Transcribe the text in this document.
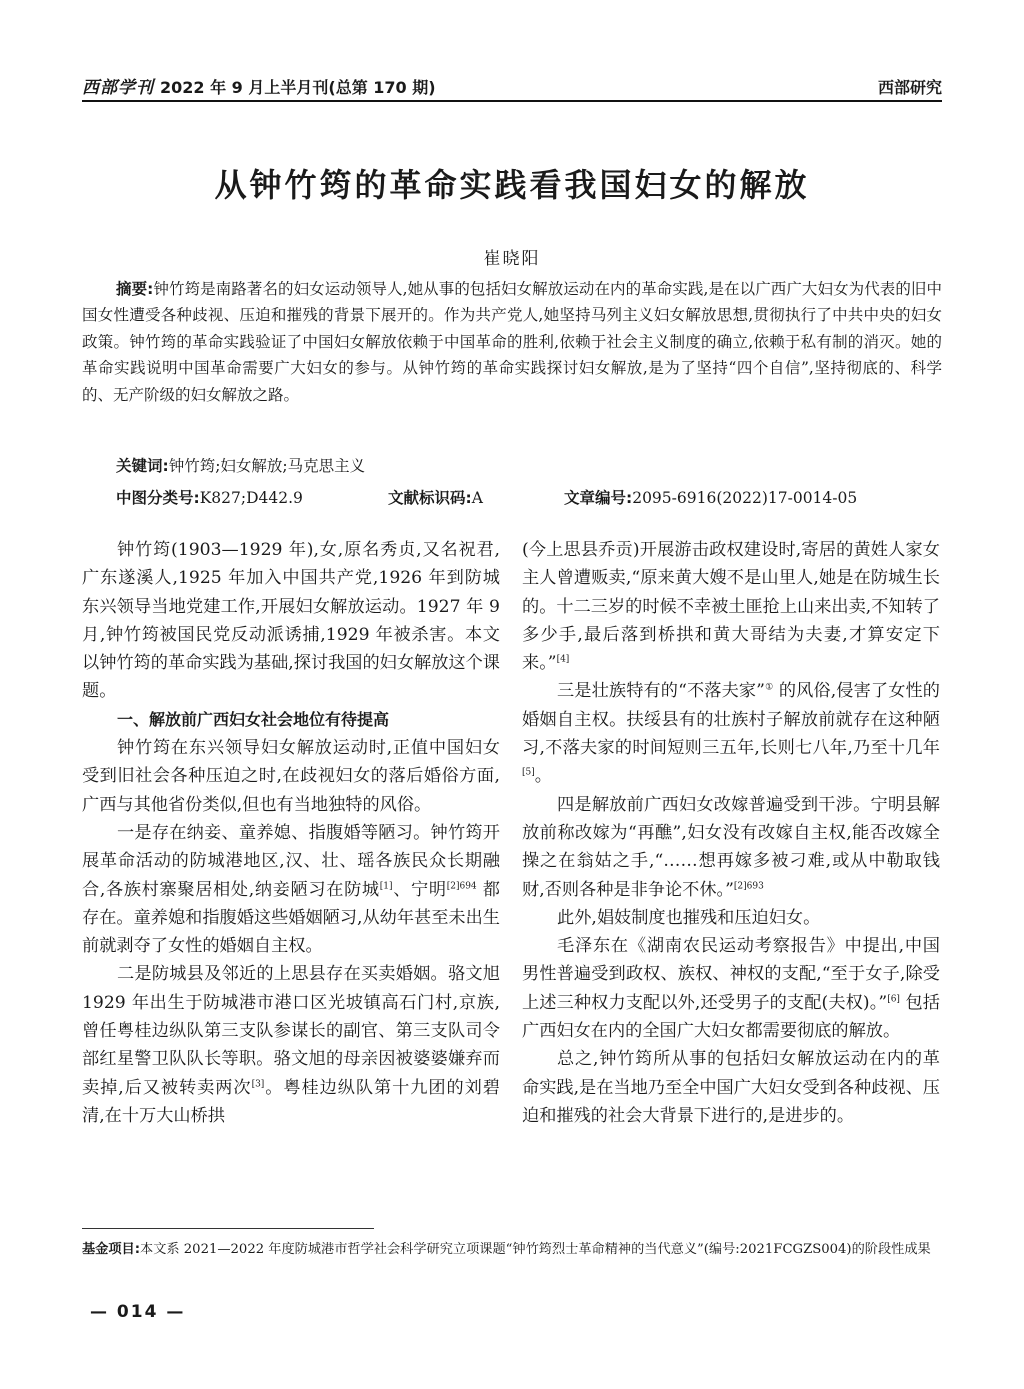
西部学刊 2022 年 9 月上半月刊(总第 170 期)	西部研究
从钟竹筠的革命实践看我国妇女的解放
崔晓阳
摘要:钟竹筠是南路著名的妇女运动领导人,她从事的包括妇女解放运动在内的革命实践,是在以广西广大妇女为代表的旧中国女性遭受各种歧视、压迫和摧残的背景下展开的。作为共产党人,她坚持马列主义妇女解放思想,贯彻执行了中共中央的妇女政策。钟竹筠的革命实践验证了中国妇女解放依赖于中国革命的胜利,依赖于社会主义制度的确立,依赖于私有制的消灭。她的革命实践说明中国革命需要广大妇女的参与。从钟竹筠的革命实践探讨妇女解放,是为了坚持“四个自信”,坚持彻底的、科学的、无产阶级的妇女解放之路。
关键词:钟竹筠;妇女解放;马克思主义
中图分类号:K827;D442.9	文献标识码:A	文章编号:2095-6916(2022)17-0014-05

钟竹筠(1903—1929 年),女,原名秀贞,又名祝君,广东遂溪人,1925 年加入中国共产党,1926 年到防城东兴领导当地党建工作,开展妇女解放运动。1927 年 9 月,钟竹筠被国民党反动派诱捕,1929 年被杀害。本文以钟竹筠的革命实践为基础,探讨我国的妇女解放这个课题。

一、解放前广西妇女社会地位有待提高

钟竹筠在东兴领导妇女解放运动时,正值中国妇女受到旧社会各种压迫之时,在歧视妇女的落后婚俗方面,广西与其他省份类似,但也有当地独特的风俗。

一是存在纳妾、童养媳、指腹婚等陋习。钟竹筠开展革命活动的防城港地区,汉、壮、瑶各族民众长期融合,各族村寨聚居相处,纳妾陋习在防城[1]、宁明$^{[2]694}$ 都存在。童养媳和指腹婚这些婚姻陋习,从幼年甚至未出生前就剥夺了女性的婚姻自主权。

二是防城县及邻近的上思县存在买卖婚姻。骆文旭 1929 年出生于防城港市港口区光坡镇高石门村,京族,曾任粤桂边纵队第三支队参谋长的副官、第三支队司令部红星警卫队队长等职。骆文旭的母亲因被婆婆嫌弃而卖掉,后又被转卖两次[3]。粤桂边纵队第十九团的刘碧清,在十万大山桥拱

(今上思县乔贡)开展游击政权建设时,寄居的黄姓人家女主人曾遭贩卖,“原来黄大嫂不是山里人,她是在防城生长的。十二三岁的时候不幸被土匪抢上山来出卖,不知转了多少手,最后落到桥拱和黄大哥结为夫妻,才算安定下来。”[4]

三是壮族特有的“不落夫家”① 的风俗,侵害了女性的婚姻自主权。扶绥县有的壮族村子解放前就存在这种陋习,不落夫家的时间短则三五年,长则七八年,乃至十几年[5]。

四是解放前广西妇女改嫁普遍受到干涉。宁明县解放前称改嫁为“再醮”,妇女没有改嫁自主权,能否改嫁全操之在翁姑之手,“……想再嫁多被刁难,或从中勒取钱财,否则各种是非争论不休。”$^{[2]693}$

此外,娼妓制度也摧残和压迫妇女。

毛泽东在《湖南农民运动考察报告》中提出,中国男性普遍受到政权、族权、神权的支配,“至于女子,除受上述三种权力支配以外,还受男子的支配(夫权)。”[6] 包括广西妇女在内的全国广大妇女都需要彻底的解放。

总之,钟竹筠所从事的包括妇女解放运动在内的革命实践,是在当地乃至全中国广大妇女受到各种歧视、压迫和摧残的社会大背景下进行的,是进步的。

基金项目:本文系 2021—2022 年度防城港市哲学社会科学研究立项课题“钟竹筠烈士革命精神的当代意义”(编号:2021FCGZS004)的阶段性成果
— 014 —
